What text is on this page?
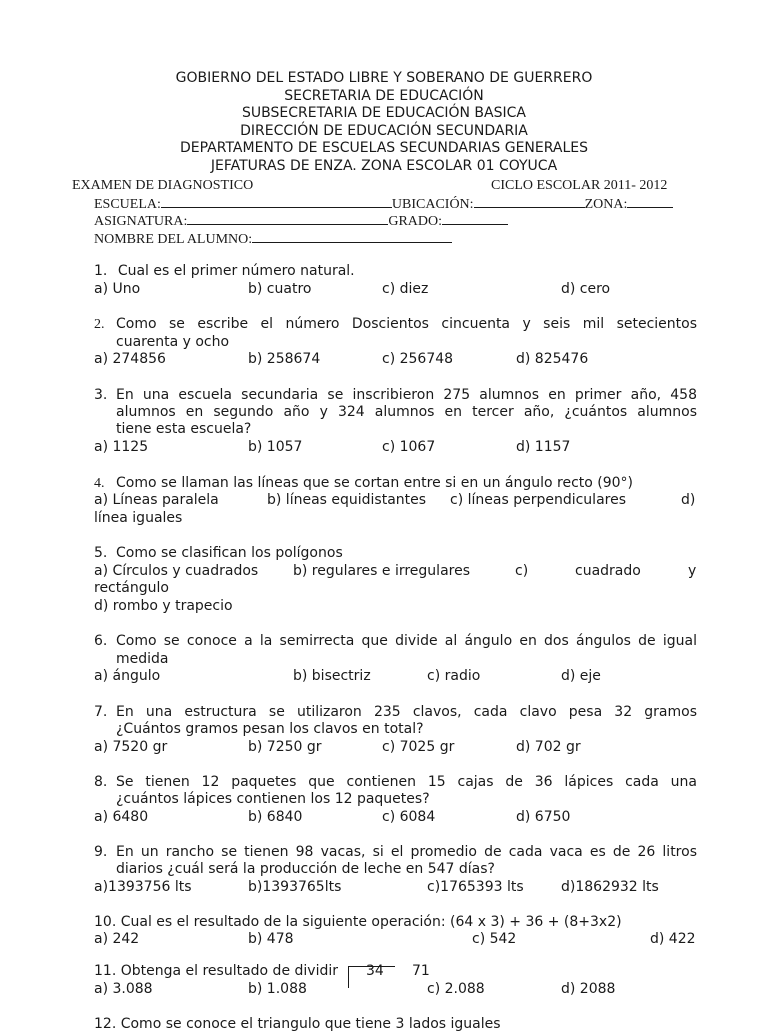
GOBIERNO DEL ESTADO LIBRE Y SOBERANO DE GUERRERO
SECRETARIA DE EDUCACIÓN
SUBSECRETARIA DE EDUCACIÓN BASICA
DIRECCIÓN DE EDUCACIÓN SECUNDARIA
DEPARTAMENTO DE ESCUELAS SECUNDARIAS GENERALES
JEFATURAS DE ENZA. ZONA ESCOLAR 01 COYUCA
EXAMEN DE DIAGNOSTICO	CICLO ESCOLAR 2011- 2012
ESCUELA:	UBICACIÓN:	ZONA:
ASIGNATURA:	GRADO:
NOMBRE DEL ALUMNO:
1. Cual es el primer número natural.
a) Uno	b) cuatro	c) diez	d) cero
2. Como se escribe el número Doscientos cincuenta y seis mil setecientos
cuarenta y ocho
a) 274856	b) 258674	c) 256748	d) 825476
3. En una escuela secundaria se inscribieron 275 alumnos en primer año, 458
alumnos en segundo año y 324 alumnos en tercer año, ¿cuántos alumnos
tiene esta escuela?
a) 1125	b) 1057	c) 1067	d) 1157
4. Como se llaman las líneas que se cortan entre si en un ángulo recto (90°)
a) Líneas paralela	b) líneas equidistantes c) líneas perpendiculares	d)
línea iguales
5. Como se clasifican los polígonos
a) Círculos y cuadrados b) regulares e irregulares	c)	cuadrado	y
rectángulo
d) rombo y trapecio
6. Como se conoce a la semirrecta que divide al ángulo en dos ángulos de igual
medida
a) ángulo	b) bisectriz	c) radio	d) eje
7. En una estructura se utilizaron 235 clavos, cada clavo pesa 32 gramos
¿Cuántos gramos pesan los clavos en total?
a) 7520 gr	b) 7250 gr	c) 7025 gr	d) 702 gr
8. Se tienen 12 paquetes que contienen 15 cajas de 36 lápices cada una
¿cuántos lápices contienen los 12 paquetes?
a) 6480	b) 6840	c) 6084	d) 6750
9. En un rancho se tienen 98 vacas, si el promedio de cada vaca es de 26 litros
diarios ¿cuál será la producción de leche en 547 días?
a)1393756 lts	b)1393765lts	c)1765393 lts	d)1862932 lts
10. Cual es el resultado de la siguiente operación: (64 x 3) + 36 + (8+3x2)
a) 242	b) 478	c) 542	d) 422
11. Obtenga el resultado de dividir 34 71
a) 3.088	b) 1.088	c) 2.088	d) 2088
12. Como se conoce el triangulo que tiene 3 lados iguales
